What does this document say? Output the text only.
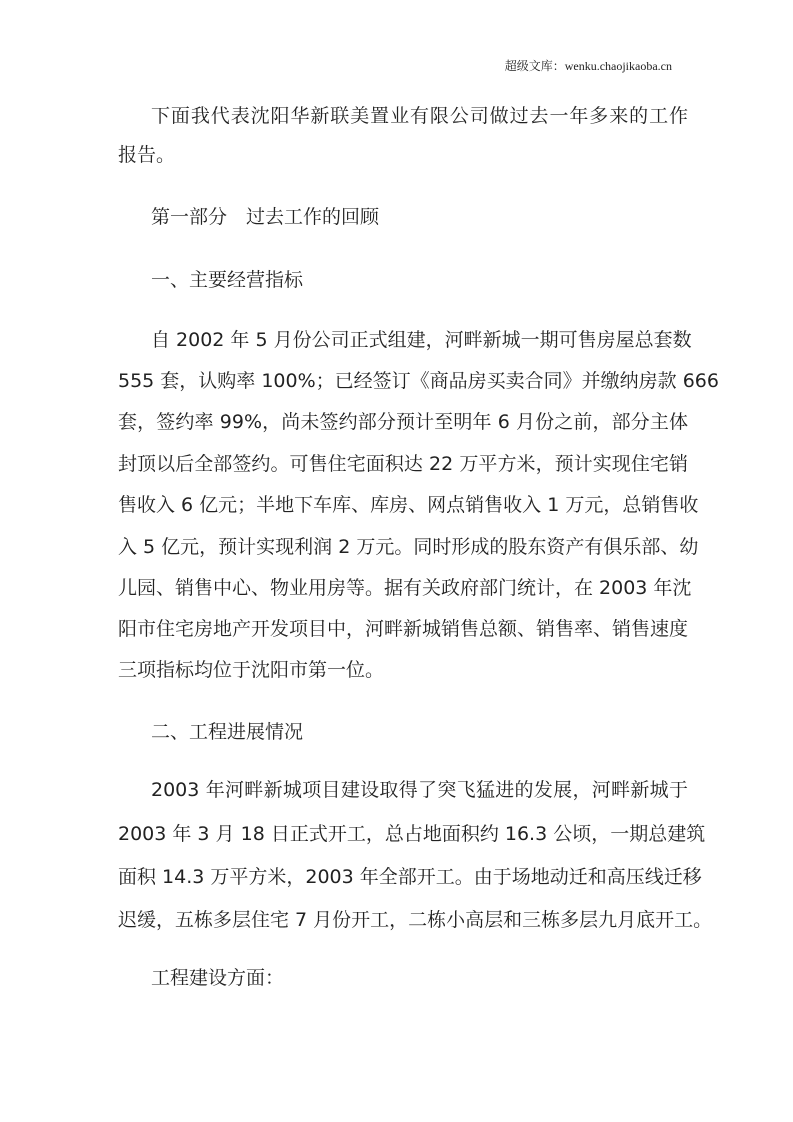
超级文库：wenku.chaojikaoba.cn
下面我代表沈阳华新联美置业有限公司做过去一年多来的工作
报告。
第一部分　过去工作的回顾
一、主要经营指标
自 2002 年 5 月份公司正式组建，河畔新城一期可售房屋总套数
555 套，认购率 100%；已经签订《商品房买卖合同》并缴纳房款 666
套，签约率 99%，尚未签约部分预计至明年 6 月份之前，部分主体
封顶以后全部签约。可售住宅面积达 22 万平方米，预计实现住宅销
售收入 6 亿元；半地下车库、库房、网点销售收入 1 万元，总销售收
入 5 亿元，预计实现利润 2 万元。同时形成的股东资产有俱乐部、幼
儿园、销售中心、物业用房等。据有关政府部门统计，在 2003 年沈
阳市住宅房地产开发项目中，河畔新城销售总额、销售率、销售速度
三项指标均位于沈阳市第一位。
二、工程进展情况
2003 年河畔新城项目建设取得了突飞猛进的发展，河畔新城于
2003 年 3 月 18 日正式开工，总占地面积约 16.3 公顷，一期总建筑
面积 14.3 万平方米，2003 年全部开工。由于场地动迁和高压线迁移
迟缓，五栋多层住宅 7 月份开工，二栋小高层和三栋多层九月底开工。
工程建设方面：
